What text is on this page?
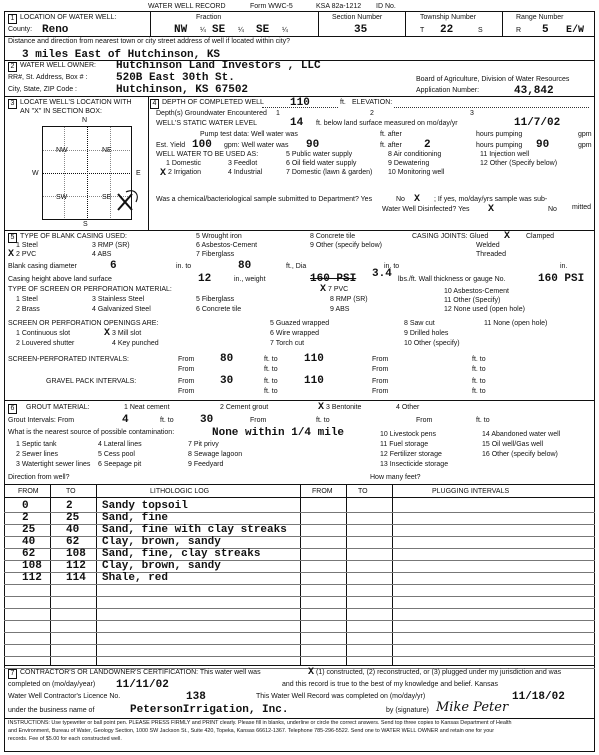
WATER WELL RECORD	Form WWC-5	KSA 82a-1212 ID No.
1 LOCATION OF WATER WELL:	Fraction	Section Number	Township Number	Range Number
County: Reno	NW ¼ SE ¼ SE ¼	35	T 22	S	R 5 E/W
Distance and direction from nearest town or city street address of well if located within city?
3 miles East of Hutchinson, KS
2 WATER WELL OWNER: Hutchinson Land Investors , LLC
RR#, St. Address, Box # :	520B East 30th St.	Board of Agriculture, Division of Water Resources
City, State, ZIP Code :	Hutchinson, KS 67502	Application Number:	43,842
3 LOCATE WELL'S LOCATION WITH
AN "X" IN SECTION BOX:
N
S
W	E
NW	NE
SW	SE
4 DEPTH OF COMPLETED WELL 110	ft. ELEVATION:
Depth(s) Groundwater Encountered 1	2	3
WELL'S STATIC WATER LEVEL	14 ft. below land surface measured on mo/day/yr	11/7/02
Pump test data: Well water was	ft. after	hours pumping	gpm
Est. Yield 100 gpm: Well water was 90	ft. after 2	hours pumping 90	gpm
WELL WATER TO BE USED AS:	5 Public water supply	8 Air conditioning	11 Injection well
1 Domestic	3 Feedlot	6 Oil field water supply	9 Dewatering	12 Other (Specify below)
X 2 Irrigation	4 Industrial	7 Domestic (lawn & garden) 10 Monitoring well
Was a chemical/bacteriological sample submitted to Department? Yes	No X ; If yes, mo/day/yrs sample was sub-
mitted
Water Well Disinfected? Yes X	No
5 TYPE OF BLANK CASING USED:	5 Wrought iron	8 Concrete tile	CASING JOINTS: Glued X Clamped
1 Steel	3 RMP (SR)	6 Asbestos-Cement	9 Other (specify below)	Welded
X 2 PVC	4 ABS	7 Fiberglass	Threaded
Blank casing diameter	6	in. to	80	ft., Dia	in. to	in.
Casing height above land surface	12	in., weight	160 PSI 3.4 lbs./ft. Wall thickness or gauge No.	160 PSI
TYPE OF SCREEN OR PERFORATION MATERIAL:	X 7 PVC
1 Steel	3 Stainless Steel	5 Fiberglass	8 RMP (SR)
10 Asbestos-Cement
2 Brass	4 Galvanized Steel	6 Concrete tile	9 ABS
11 Other (Specify)
12 None used (open hole)
SCREEN OR PERFORATION OPENINGS ARE:	5 Guazed wrapped	8 Saw cut	11 None (open hole)
1 Continuous slot	X 3 Mill slot	6 Wire wrapped	9 Drilled holes
2 Louvered shutter	4 Key punched	7 Torch cut	10 Other (specify)
SCREEN-PERFORATED INTERVALS:	From 80	ft. to 110	From	ft. to
From	ft. to	From	ft. to
GRAVEL PACK INTERVALS:	From 30	ft. to 110	From	ft. to
From	ft. to	From	ft. to
6	GROUT MATERIAL:	1 Neat cement	2 Cement grout	X 3 Bentonite	4 Other
Grout Intervals: From	4	ft. to 30	From	ft. to	From	ft. to
What is the nearest source of possible contamination:	None within 1/4 mile	10 Livestock pens	14 Abandoned water well
1 Septic tank	4 Lateral lines	7 Pit privy	11 Fuel storage	15 Oil well/Gas well
2 Sewer lines	5 Cess pool	8 Sewage lagoon	12 Fertilizer storage	16 Other (specify below)
3 Watertight sewer lines 6 Seepage pit	9 Feedyard	13 Insecticide storage
Direction from well?	How many feet?
FROM	TO	LITHOLOGIC LOG	FROM	TO	PLUGGING INTERVALS
0	2	Sandy topsoil
2	25 Sand, fine
25	40 Sand, fine with clay streaks
40	62 Clay, brown, sandy
62	108 Sand, fine, clay streaks
108 112 Clay, brown, sandy
112 114 Shale, red
7 CONTRACTOR'S OR LANDOWNER'S CERTIFICATION: This water well was	X (1) constructed, (2) reconstructed, or (3) plugged under my jurisdiction and was
completed on (mo/day/year) 11/11/02	and this record is true to the best of my knowledge and belief. Kansas
Water Well Contractor's Licence No.	138	This Water Well Record was completed on (mo/day/yr)	11/18/02
under the business name of	PetersonIrrigation, Inc.	by (signature) Mike Peter
INSTRUCTIONS: Use typewriter or ball point pen. PLEASE PRESS FIRMLY and PRINT clearly. Please fill in blanks, underline or circle the correct answers. Send top three copies to Kansas Department of Health
and Environment, Bureau of Water, Geology Section, 1000 SW Jackson St., Suite 420, Topeka, Kansas 66612-1367. Telephone 785-296-5522. Send one to WATER WELL OWNER and retain one for your
records. Fee of $5.00 for each constructed well.
